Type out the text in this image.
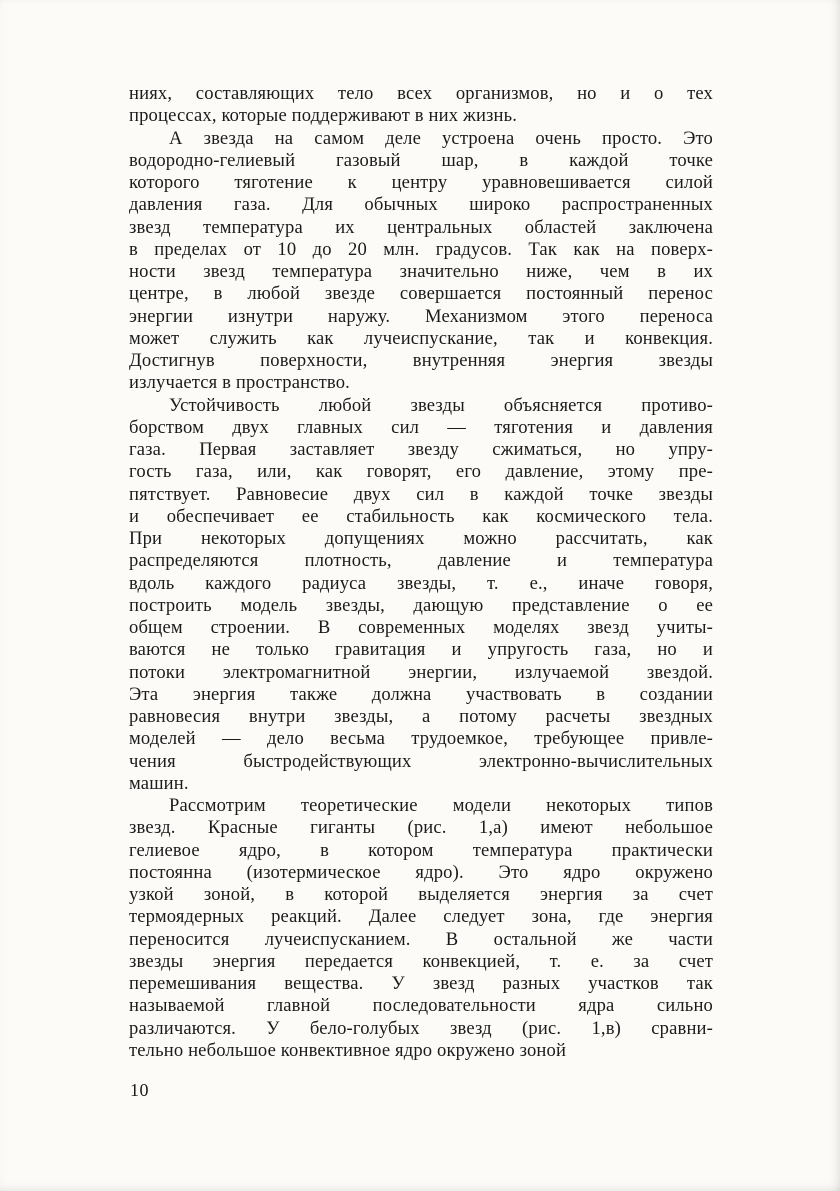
ниях, составляющих тело всех организмов, но и о тех
процессах, которые поддерживают в них жизнь.
А звезда на самом деле устроена очень просто. Это
водородно-гелиевый газовый шар, в каждой точке
которого тяготение к центру уравновешивается силой
давления газа. Для обычных широко распространенных
звезд температура их центральных областей заключена
в пределах от 10 до 20 млн. градусов. Так как на поверх-
ности звезд температура значительно ниже, чем в их
центре, в любой звезде совершается постоянный перенос
энергии изнутри наружу. Механизмом этого переноса
может служить как лучеиспускание, так и конвекция.
Достигнув поверхности, внутренняя энергия звезды
излучается в пространство.
Устойчивость любой звезды объясняется противо-
борством двух главных сил — тяготения и давления
газа. Первая заставляет звезду сжиматься, но упру-
гость газа, или, как говорят, его давление, этому пре-
пятствует. Равновесие двух сил в каждой точке звезды
и обеспечивает ее стабильность как космического тела.
При некоторых допущениях можно рассчитать, как
распределяются плотность, давление и температура
вдоль каждого радиуса звезды, т. е., иначе говоря,
построить модель звезды, дающую представление о ее
общем строении. В современных моделях звезд учиты-
ваются не только гравитация и упругость газа, но и
потоки электромагнитной энергии, излучаемой звездой.
Эта энергия также должна участвовать в создании
равновесия внутри звезды, а потому расчеты звездных
моделей — дело весьма трудоемкое, требующее привле-
чения быстродействующих электронно-вычислительных
машин.
Рассмотрим теоретические модели некоторых типов
звезд. Красные гиганты (рис. 1,а) имеют небольшое
гелиевое ядро, в котором температура практически
постоянна (изотермическое ядро). Это ядро окружено
узкой зоной, в которой выделяется энергия за счет
термоядерных реакций. Далее следует зона, где энергия
переносится лучеиспусканием. В остальной же части
звезды энергия передается конвекцией, т. е. за счет
перемешивания вещества. У звезд разных участков так
называемой главной последовательности ядра сильно
различаются. У бело-голубых звезд (рис. 1,в) сравни-
тельно небольшое конвективное ядро окружено зоной
10
